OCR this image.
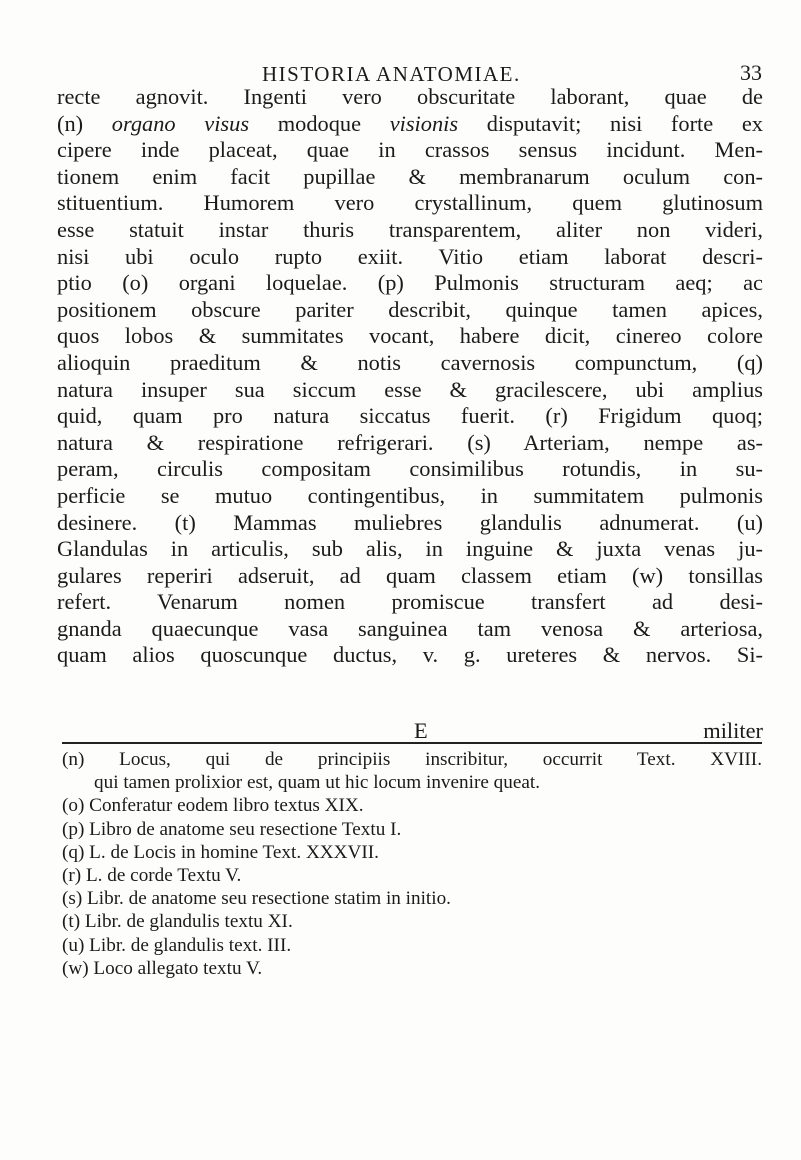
HISTORIA ANATOMIAE.	33
recte agnovit. Ingenti vero obscuritate laborant, quae de
(n) organo visus modoque visionis disputavit; nisi forte ex
cipere inde placeat, quae in crassos sensus incidunt. Men-
tionem enim facit pupillae & membranarum oculum con-
stituentium. Humorem vero crystallinum, quem glutinosum
esse statuit instar thuris transparentem, aliter non videri,
nisi ubi oculo rupto exiit. Vitio etiam laborat descri-
ptio (o) organi loquelae. (p) Pulmonis structuram aeq; ac
positionem obscure pariter describit, quinque tamen apices,
quos lobos & summitates vocant, habere dicit, cinereo colore
alioquin praeditum & notis cavernosis compunctum, (q)
natura insuper sua siccum esse & gracilescere, ubi amplius
quid, quam pro natura siccatus fuerit. (r) Frigidum quoq;
natura & respiratione refrigerari. (s) Arteriam, nempe as-
peram, circulis compositam consimilibus rotundis, in su-
perficie se mutuo contingentibus, in summitatem pulmonis
desinere. (t) Mammas muliebres glandulis adnumerat. (u)
Glandulas in articulis, sub alis, in inguine & juxta venas ju-
gulares reperiri adseruit, ad quam classem etiam (w) tonsillas
refert. Venarum nomen promiscue transfert ad desi-
gnanda quaecunque vasa sanguinea tam venosa & arteriosa,
quam alios quoscunque ductus, v. g. ureteres & nervos. Si-
E	militer
(n) Locus, qui de principiis inscribitur, occurrit Text. XVIII.
qui tamen prolixior est, quam ut hic locum invenire queat.
(o) Conferatur eodem libro textus XIX.
(p) Libro de anatome seu resectione Textu I.
(q) L. de Locis in homine Text. XXXVII.
(r) L. de corde Textu V.
(s) Libr. de anatome seu resectione statim in initio.
(t) Libr. de glandulis textu XI.
(u) Libr. de glandulis text. III.
(w) Loco allegato textu V.
